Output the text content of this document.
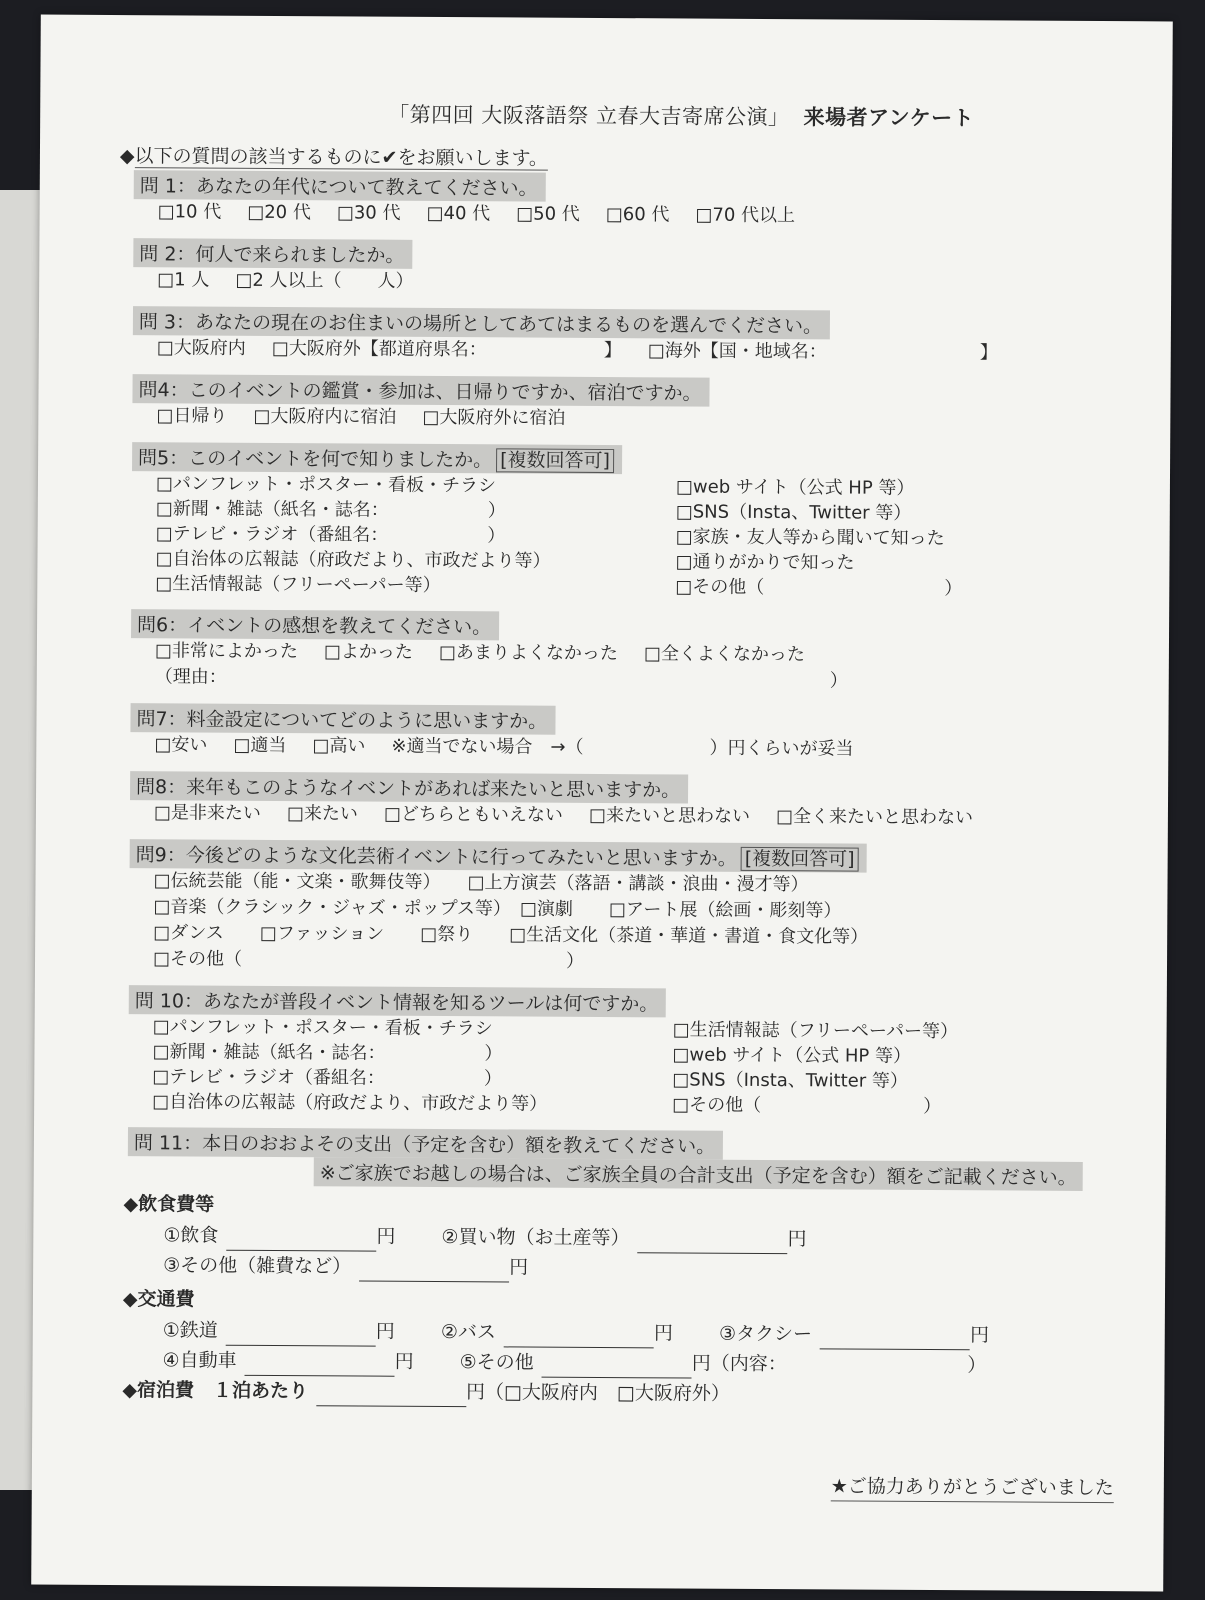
「第四回 大阪落語祭 立春大吉寄席公演」 来場者アンケート
◆以下の質問の該当するものに✔をお願いします。
問 1：あなたの年代について教えてください。
□10 代 □20 代 □30 代 □40 代 □50 代 □60 代 □70 代以上
問 2：何人で来られましたか。
□1 人 □2 人以上（　　人）
問 3：あなたの現在のお住まいの場所としてあてはまるものを選んでください。
□大阪府内 □大阪府外【都道府県名：　　　　　　　】 □海外【国・地域名：　　　　　　　　　】
問4：このイベントの鑑賞・参加は、日帰りですか、宿泊ですか。
□日帰り □大阪府内に宿泊 □大阪府外に宿泊
問5：このイベントを何で知りましたか。 [複数回答可]
□パンフレット・ポスター・看板・チラシ
□新聞・雑誌（紙名・誌名：　　　　　　）
□テレビ・ラジオ（番組名：　　　　　　）
□自治体の広報誌（府政だより、市政だより等）
□生活情報誌（フリーペーパー等）
□web サイト（公式 HP 等）
□SNS（Insta、Twitter 等）
□家族・友人等から聞いて知った
□通りがかりで知った
□その他（　　　　　　　　　　）
問6：イベントの感想を教えてください。
□非常によかった □よかった □あまりよくなかった □全くよくなかった
（理由：　　　　　　　　　　　　　　　　　　　　　　　　　　　　　　　　　　）
問7：料金設定についてどのように思いますか。
□安い □適当 □高い ※適当でない場合　→（　　　　　　　）円くらいが妥当
問8：来年もこのようなイベントがあれば来たいと思いますか。
□是非来たい □来たい □どちらともいえない □来たいと思わない □全く来たいと思わない
問9：今後どのような文化芸術イベントに行ってみたいと思いますか。 [複数回答可]
□伝統芸能（能・文楽・歌舞伎等）　　□上方演芸（落語・講談・浪曲・漫才等）
□音楽（クラシック・ジャズ・ポップス等）　□演劇　　□アート展（絵画・彫刻等）
□ダンス　　□ファッション　　□祭り　　□生活文化（茶道・華道・書道・食文化等）
□その他（　　　　　　　　　　　　　　　　　　）
問 10：あなたが普段イベント情報を知るツールは何ですか。
□パンフレット・ポスター・看板・チラシ
□新聞・雑誌（紙名・誌名：　　　　　　）
□テレビ・ラジオ（番組名：　　　　　　）
□自治体の広報誌（府政だより、市政だより等）
□生活情報誌（フリーペーパー等）
□web サイト（公式 HP 等）
□SNS（Insta、Twitter 等）
□その他（　　　　　　　　　）
問 11：本日のおおよその支出（予定を含む）額を教えてください。
※ご家族でお越しの場合は、ご家族全員の合計支出（予定を含む）額をご記載ください。
◆飲食費等
①飲食	円 ②買い物（お土産等）	円
③その他（雑費など）	円
◆交通費
①鉄道	円 ②バス	円 ③タクシー	円
④自動車	円 ⑤その他	円（内容：　　　　　　　　　　）
◆宿泊費　１泊あたり	円（□大阪府内　□大阪府外）
★ご協力ありがとうございました
